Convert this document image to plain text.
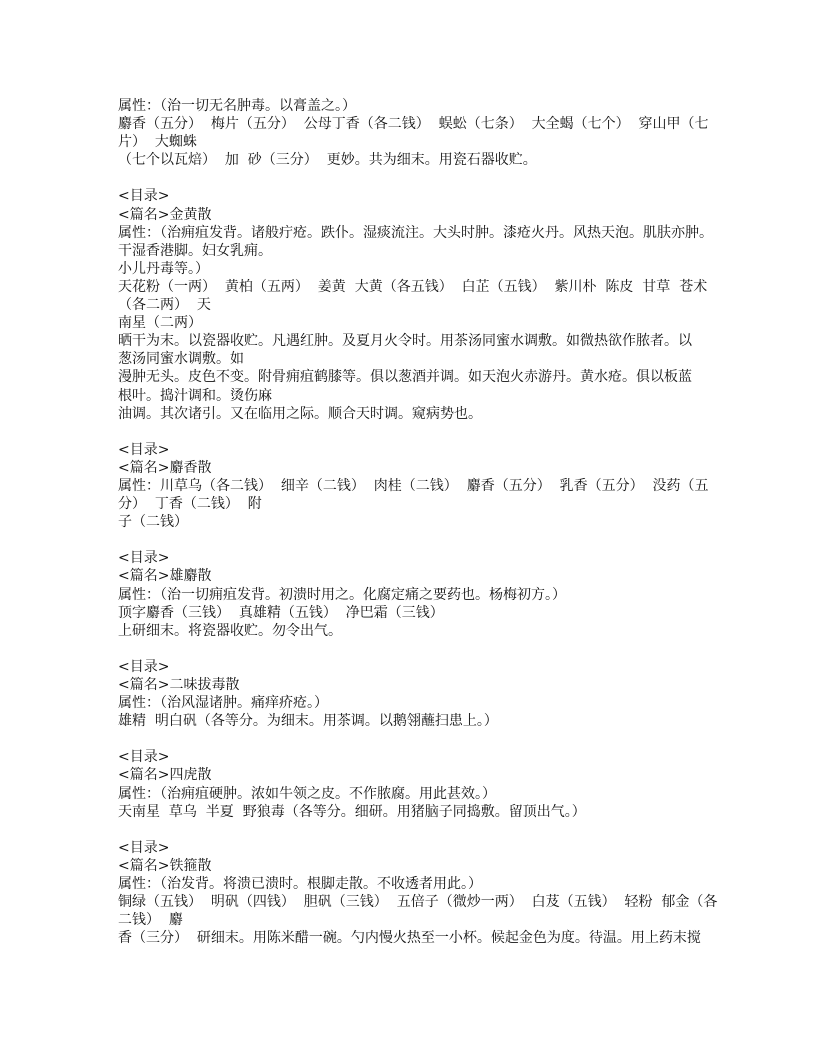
属性：（治一切无名肿毒。以膏盖之。）
麝香（五分）  梅片（五分）  公母丁香（各二钱）  蜈蚣（七条）  大全蝎（七个）  穿山甲（七
片）  大蜘蛛
（七个以瓦焙）  加  砂（三分）  更妙。共为细末。用瓷石器收贮。
<目录>
<篇名>金黄散
属性：（治痈疽发背。诸般疔疮。跌仆。湿痰流注。大头时肿。漆疮火丹。风热天泡。肌肤亦肿。
干湿香港脚。妇女乳痈。
小儿丹毒等。）
天花粉（一两）  黄柏（五两）  姜黄  大黄（各五钱）  白芷（五钱）  紫川朴  陈皮  甘草  苍术
（各二两）  天
南星（二两）
晒干为末。以瓷器收贮。凡遇红肿。及夏月火令时。用茶汤同蜜水调敷。如微热欲作脓者。以
葱汤同蜜水调敷。如
漫肿无头。皮色不变。附骨痈疽鹤膝等。俱以葱酒并调。如天泡火赤游丹。黄水疮。俱以板蓝
根叶。捣汁调和。烫伤麻
油调。其次诸引。又在临用之际。顺合天时调。窥病势也。
<目录>
<篇名>麝香散
属性：川草乌（各二钱）  细辛（二钱）  肉桂（二钱）  麝香（五分）  乳香（五分）  没药（五
分）  丁香（二钱）  附
子（二钱）
<目录>
<篇名>雄麝散
属性：（治一切痈疽发背。初溃时用之。化腐定痛之要药也。杨梅初方。）
顶字麝香（三钱）  真雄精（五钱）  净巴霜（三钱）
上研细末。将瓷器收贮。勿令出气。
<目录>
<篇名>二味拔毒散
属性：（治风湿诸肿。痛痒疥疮。）
雄精  明白矾（各等分。为细末。用茶调。以鹅翎蘸扫患上。）
<目录>
<篇名>四虎散
属性：（治痈疽硬肿。浓如牛领之皮。不作脓腐。用此甚效。）
天南星  草乌  半夏  野狼毒（各等分。细研。用猪脑子同捣敷。留顶出气。）
<目录>
<篇名>铁箍散
属性：（治发背。将溃已溃时。根脚走散。不收透者用此。）
铜绿（五钱）  明矾（四钱）  胆矾（三钱）  五倍子（微炒一两）  白芨（五钱）  轻粉  郁金（各
二钱）  麝
香（三分）  研细末。用陈米醋一碗。勺内慢火热至一小杯。候起金色为度。待温。用上药末搅
